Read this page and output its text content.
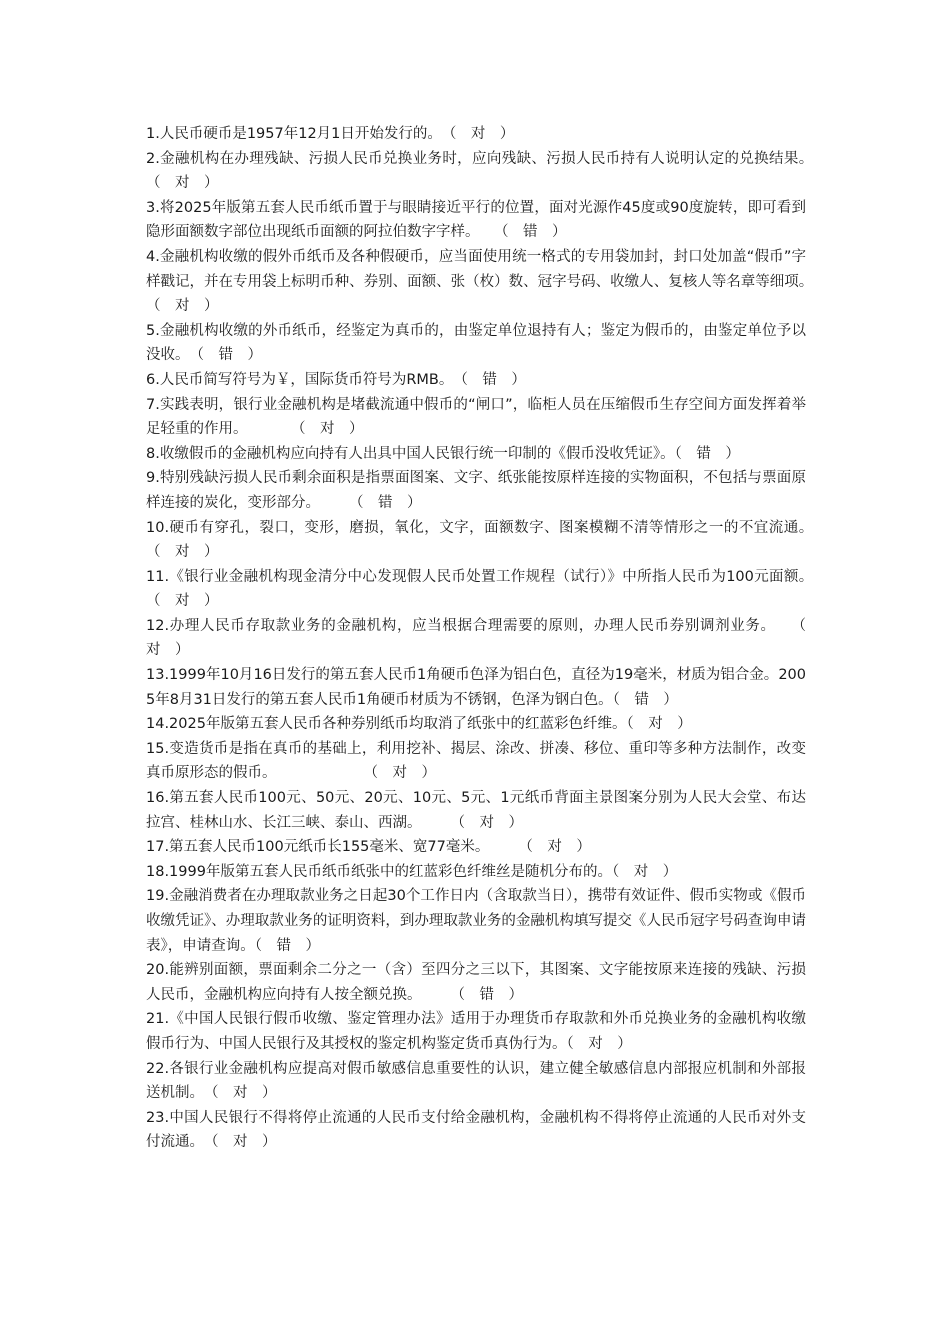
1.人民币硬币是1957年12月1日开始发行的。　（　对　）

2.金融机构在办理残缺、污损人民币兑换业务时，应向残缺、污损人民币持有人说明认定的兑换结果。　　（　对　）

3.将2025年版第五套人民币纸币置于与眼睛接近平行的位置，面对光源作45度或90度旋转，即可看到隐形面额数字部位出现纸币面额的阿拉伯数字字样。　　（　错　）

4.金融机构收缴的假外币纸币及各种假硬币，应当面使用统一格式的专用袋加封，封口处加盖“假币”字样戳记，并在专用袋上标明币种、券别、面额、张（枚）数、冠字号码、收缴人、复核人等名章等细项。　　（　对　）

5.金融机构收缴的外币纸币，经鉴定为真币的，由鉴定单位退持有人；鉴定为假币的，由鉴定单位予以没收。　（　错　）

6.人民币简写符号为￥，国际货币符号为RMB。　（　错　）

7.实践表明，银行业金融机构是堵截流通中假币的“闸口”，临柜人员在压缩假币生存空间方面发挥着举足轻重的作用。　　　　（　对　）

8.收缴假币的金融机构应向持有人出具中国人民银行统一印制的《假币没收凭证》。（　错　）

9.特别残缺污损人民币剩余面积是指票面图案、文字、纸张能按原样连接的实物面积，不包括与票面原样连接的炭化，变形部分。　　　（　错　）

10.硬币有穿孔，裂口，变形，磨损，氧化，文字，面额数字、图案模糊不清等情形之一的不宜流通。　　（　对　）

11.《银行业金融机构现金清分中心发现假人民币处置工作规程（试行）》中所指人民币为100元面额。　　（　对　）

12.办理人民币存取款业务的金融机构，应当根据合理需要的原则，办理人民币券别调剂业务。　　（　对　）

13.1999年10月16日发行的第五套人民币1角硬币色泽为铝白色，直径为19毫米，材质为铝合金。2005年8月31日发行的第五套人民币1角硬币材质为不锈钢，色泽为钢白色。（　错　）

14.2025年版第五套人民币各种券别纸币均取消了纸张中的红蓝彩色纤维。（　对　）

15.变造货币是指在真币的基础上，利用挖补、揭层、涂改、拼凑、移位、重印等多种方法制作，改变真币原形态的假币。　　　　　　　（　对　）

16.第五套人民币100元、50元、20元、10元、5元、1元纸币背面主景图案分别为人民大会堂、布达拉宫、桂林山水、长江三峡、泰山、西湖。　　　（　对　）

17.第五套人民币100元纸币长155毫米、宽77毫米。　　　（　对　）

18.1999年版第五套人民币纸币纸张中的红蓝彩色纤维丝是随机分布的。（　对　）

19.金融消费者在办理取款业务之日起30个工作日内（含取款当日），携带有效证件、假币实物或《假币收缴凭证》、办理取款业务的证明资料，到办理取款业务的金融机构填写提交《人民币冠字号码查询申请表》，申请查询。（　错　）

20.能辨别面额，票面剩余二分之一（含）至四分之三以下，其图案、文字能按原来连接的残缺、污损人民币，金融机构应向持有人按全额兑换。　　　（　错　）

21.《中国人民银行假币收缴、鉴定管理办法》适用于办理货币存取款和外币兑换业务的金融机构收缴假币行为、中国人民银行及其授权的鉴定机构鉴定货币真伪行为。（　对　）

22.各银行业金融机构应提高对假币敏感信息重要性的认识，建立健全敏感信息内部报应机制和外部报送机制。　（　对　）

23.中国人民银行不得将停止流通的人民币支付给金融机构，金融机构不得将停止流通的人民币对外支付流通。　（　对　）
